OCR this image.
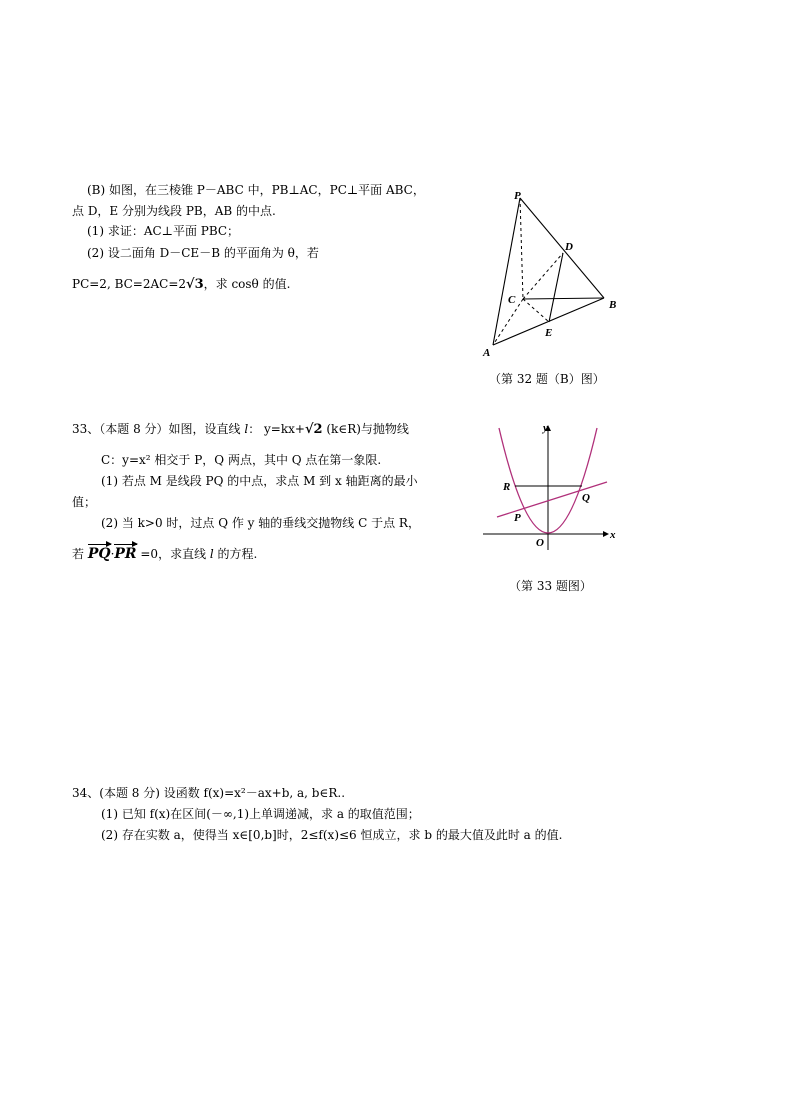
(B) 如图，在三棱锥 P－ABC 中，PB⊥AC，PC⊥平面 ABC，
点 D，E 分别为线段 PB，AB 的中点.
(1) 求证：AC⊥平面 PBC；
(2) 设二面角 D－CE－B 的平面角为 θ，若
PC=2, BC=2AC=2√3，求 cosθ 的值.
P
D
C	B
E
A
（第 32 题（B）图）
33、（本题 8 分）如图，设直线 l： y=kx+√2 (k∈R)与抛物线
C：y=x² 相交于 P，Q 两点，其中 Q 点在第一象限.
(1) 若点 M 是线段 PQ 的中点，求点 M 到 x 轴距离的最小
值；
(2) 当 k>0 时，过点 Q 作 y 轴的垂线交抛物线 C 于点 R，
若 PQ·PR =0，求直线 l 的方程.
y
x
R
Q
P
O
（第 33 题图）
34、(本题 8 分) 设函数 f(x)=x²－ax+b, a, b∈R..
(1) 已知 f(x)在区间(－∞,1)上单调递减，求 a 的取值范围；
(2) 存在实数 a，使得当 x∈[0,b]时，2≤f(x)≤6 恒成立，求 b 的最大值及此时 a 的值.
